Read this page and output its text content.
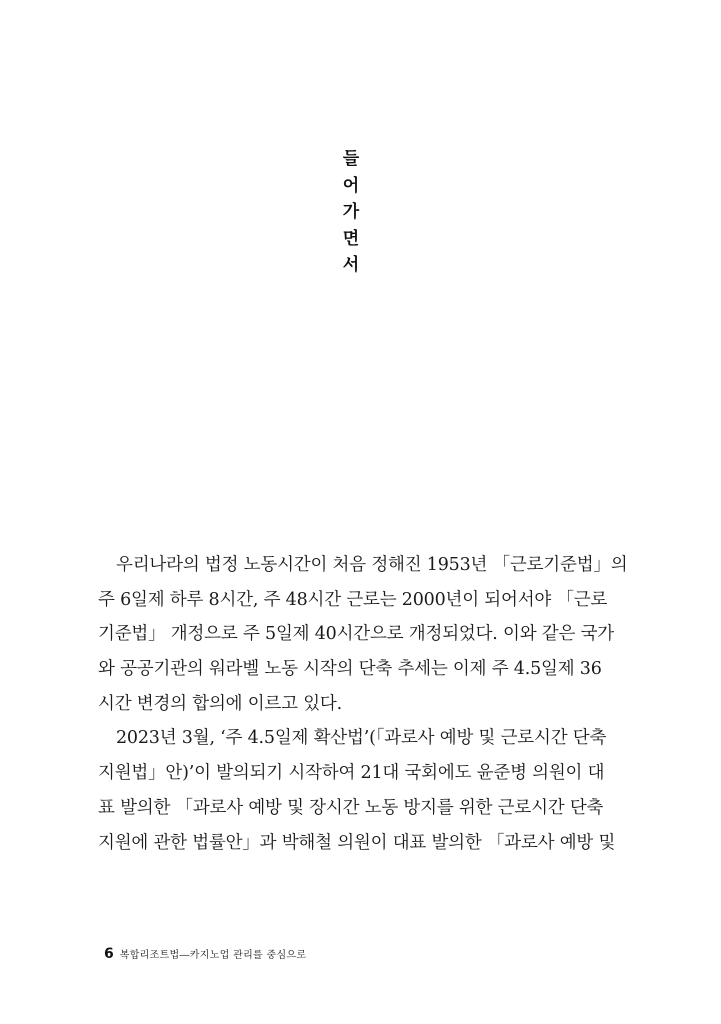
들
어
가
면
서
우리나라의 법정 노동시간이 처음 정해진 1953년 「근로기준법」의
주 6일제 하루 8시간, 주 48시간 근로는 2000년이 되어서야 「근로
기준법」 개정으로 주 5일제 40시간으로 개정되었다. 이와 같은 국가
와 공공기관의 워라벨 노동 시작의 단축 추세는 이제 주 4.5일제 36
시간 변경의 합의에 이르고 있다.
2023년 3월, ‘주 4.5일제 확산법’(「과로사 예방 및 근로시간 단축
지원법」안)’이 발의되기 시작하여 21대 국회에도 윤준병 의원이 대
표 발의한 「과로사 예방 및 장시간 노동 방지를 위한 근로시간 단축
지원에 관한 법률안」과 박해철 의원이 대표 발의한 「과로사 예방 및
6 복합리조트법―카지노업 관리를 중심으로
